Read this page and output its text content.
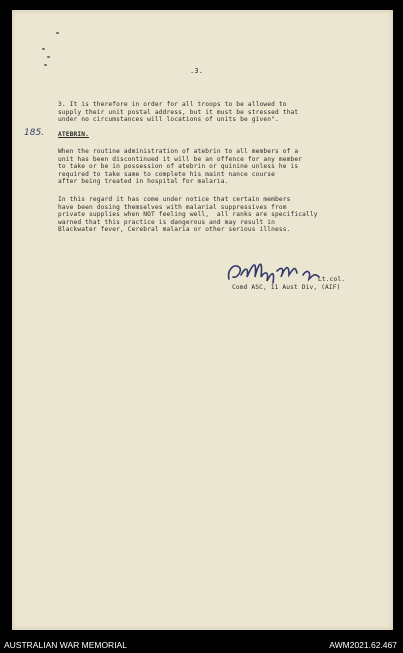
.3.
3. It is therefore in order for all troops to be allowed to
supply their unit postal address, but it must be stressed that
under no circumstances will locations of units be given".
185. ATEBRIN.
When the routine administration of atebrin to all members of a
unit has been discontinued it will be an offence for any member
to take or be in possession of atebrin or quinine unless he is
required to take same to complete his maint nance course
after being treated in hospital for malaria.
In this regard it has come under notice that certain members
have been dosing themselves with malarial suppressives from
private supplies when NOT feeling well,  all ranks are specifically
warned that this practice is dangerous and may result in
Blackwater fever, Cerebral malaria or other serious illness.
Lt.col.
Comd ASC, 11 Aust Div, (AIF)
AUSTRALIAN WAR MEMORIAL	AWM2021.62.467
